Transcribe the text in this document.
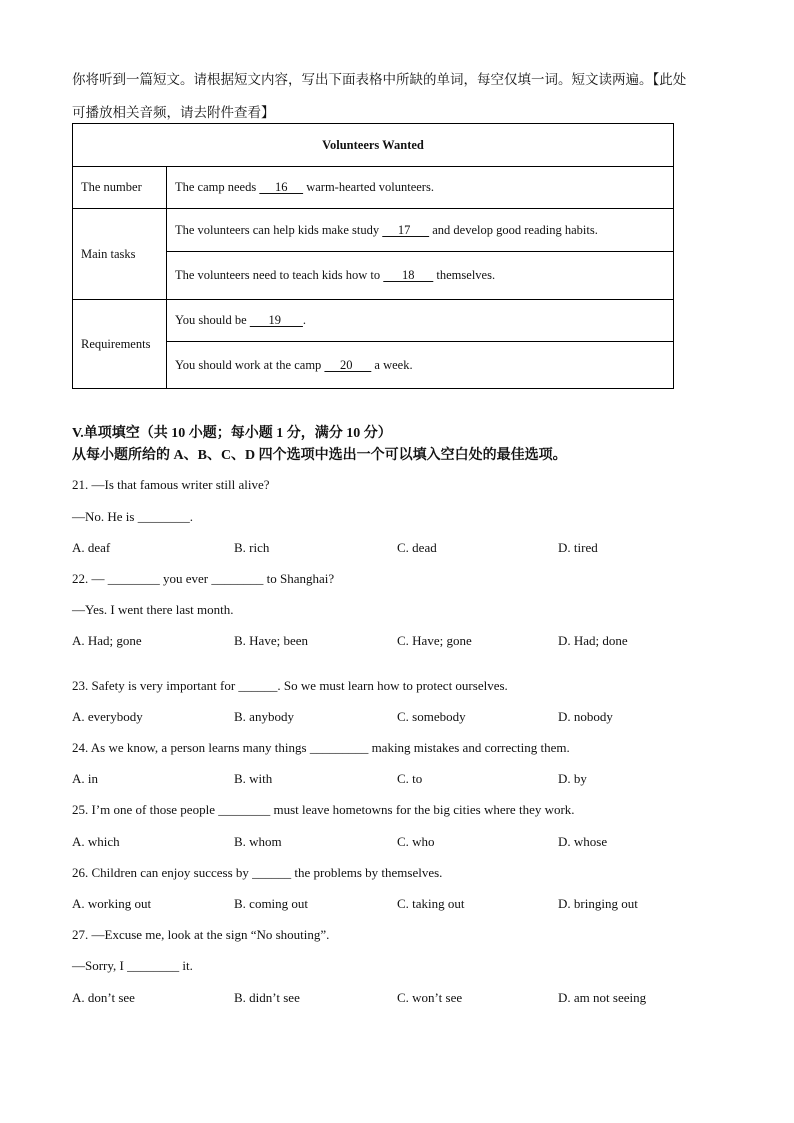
你将听到一篇短文。请根据短文内容，写出下面表格中所缺的单词，每空仅填一词。短文读两遍。【此处
可播放相关音频，请去附件查看】
Volunteers Wanted	
The number	The camp needs      16      warm-hearted volunteers.
Main tasks	The volunteers can help kids make study      17       and develop good reading habits.
	The volunteers need to teach kids how to       18       themselves.
Requirements	You should be       19       .
	You should work at the camp      20       a week.
V.单项填空（共 10 小题；每小题 1 分，满分 10 分）
从每小题所给的 A、B、C、D 四个选项中选出一个可以填入空白处的最佳选项。
21. —Is that famous writer still alive?
—No. He is ________.
A. deaf	B. rich	C. dead	D. tired
22. — ________ you ever ________ to Shanghai?
—Yes. I went there last month.
A. Had; gone	B. Have; been	C. Have; gone	D. Had; done
23. Safety is very important for ______. So we must learn how to protect ourselves.
A. everybody	B. anybody	C. somebody	D. nobody
24. As we know, a person learns many things _________ making mistakes and correcting them.
A. in	B. with	C. to	D. by
25. I’m one of those people ________ must leave hometowns for the big cities where they work.
A. which	B. whom	C. who	D. whose
26. Children can enjoy success by ______ the problems by themselves.
A. working out	B. coming out	C. taking out	D. bringing out
27. —Excuse me, look at the sign “No shouting”.
—Sorry, I ________ it.
A. don’t see	B. didn’t see	C. won’t see	D. am not seeing
